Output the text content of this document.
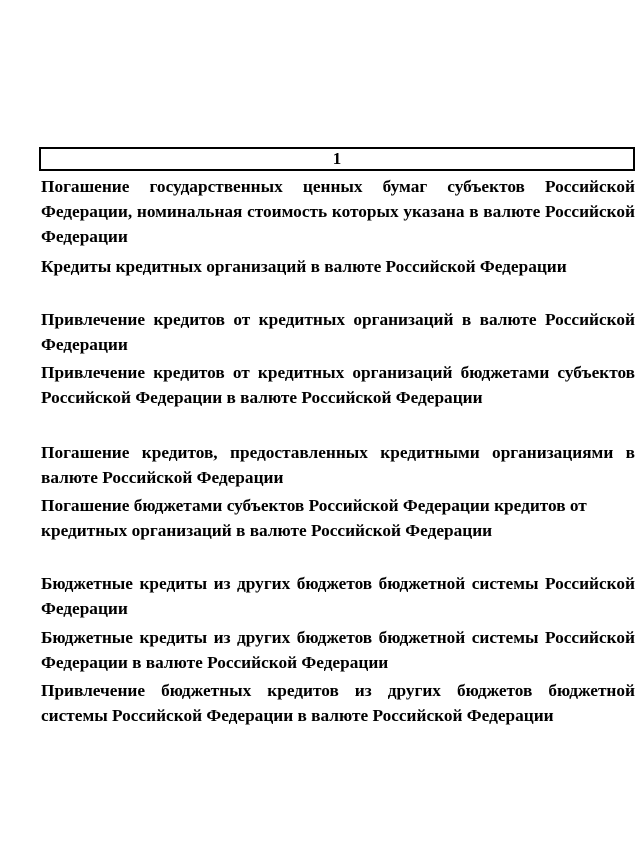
1

Погашение государственных ценных бумаг субъектов Российской Федерации, номинальная стоимость которых указана в валюте Российской Федерации

Кредиты кредитных организаций в валюте Российской Федерации

Привлечение кредитов от кредитных организаций в валюте Российской Федерации

Привлечение кредитов от кредитных организаций бюджетами субъектов Российской Федерации в валюте Российской Федерации

Погашение кредитов, предоставленных кредитными организациями в валюте Российской Федерации

Погашение бюджетами субъектов Российской Федерации кредитов от кредитных организаций в валюте Российской Федерации

Бюджетные кредиты из других бюджетов бюджетной системы Российской Федерации

Бюджетные кредиты из других бюджетов бюджетной системы Российской Федерации в валюте Российской Федерации

Привлечение бюджетных кредитов из других бюджетов бюджетной системы Российской Федерации в валюте Российской Федерации
